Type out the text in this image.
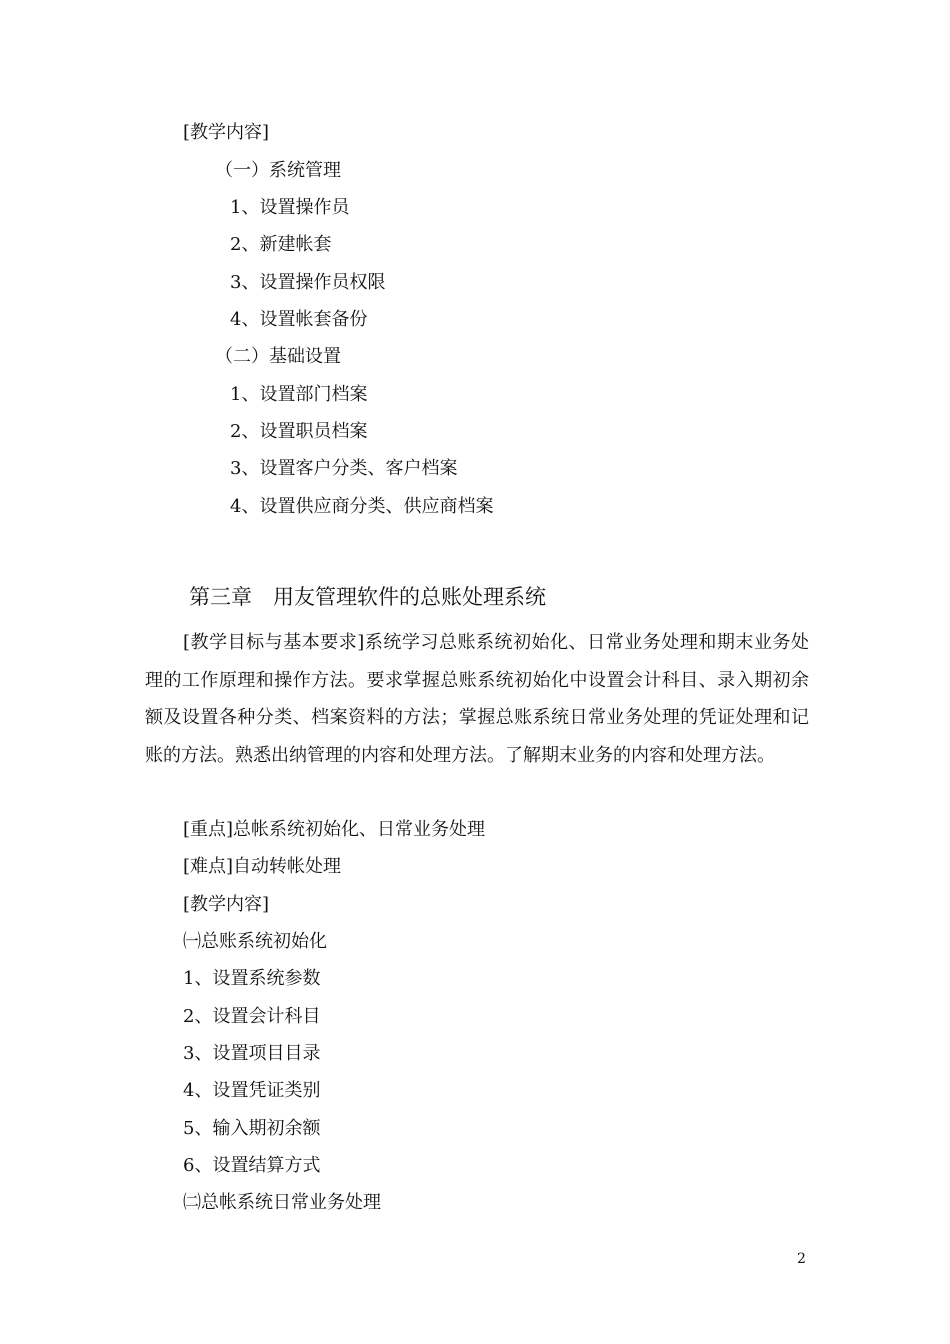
[教学内容]
（一）系统管理
1、设置操作员
2、新建帐套
3、设置操作员权限
4、设置帐套备份
（二）基础设置
1、设置部门档案
2、设置职员档案
3、设置客户分类、客户档案
4、设置供应商分类、供应商档案
第三章　用友管理软件的总账处理系统
[教学目标与基本要求]系统学习总账系统初始化、日常业务处理和期末业务处理的工作原理和操作方法。要求掌握总账系统初始化中设置会计科目、录入期初余额及设置各种分类、档案资料的方法；掌握总账系统日常业务处理的凭证处理和记账的方法。熟悉出纳管理的内容和处理方法。了解期末业务的内容和处理方法。
[重点]总帐系统初始化、日常业务处理
[难点]自动转帐处理
[教学内容]
㈠总账系统初始化
1、设置系统参数
2、设置会计科目
3、设置项目目录
4、设置凭证类别
5、输入期初余额
6、设置结算方式
㈡总帐系统日常业务处理
2
